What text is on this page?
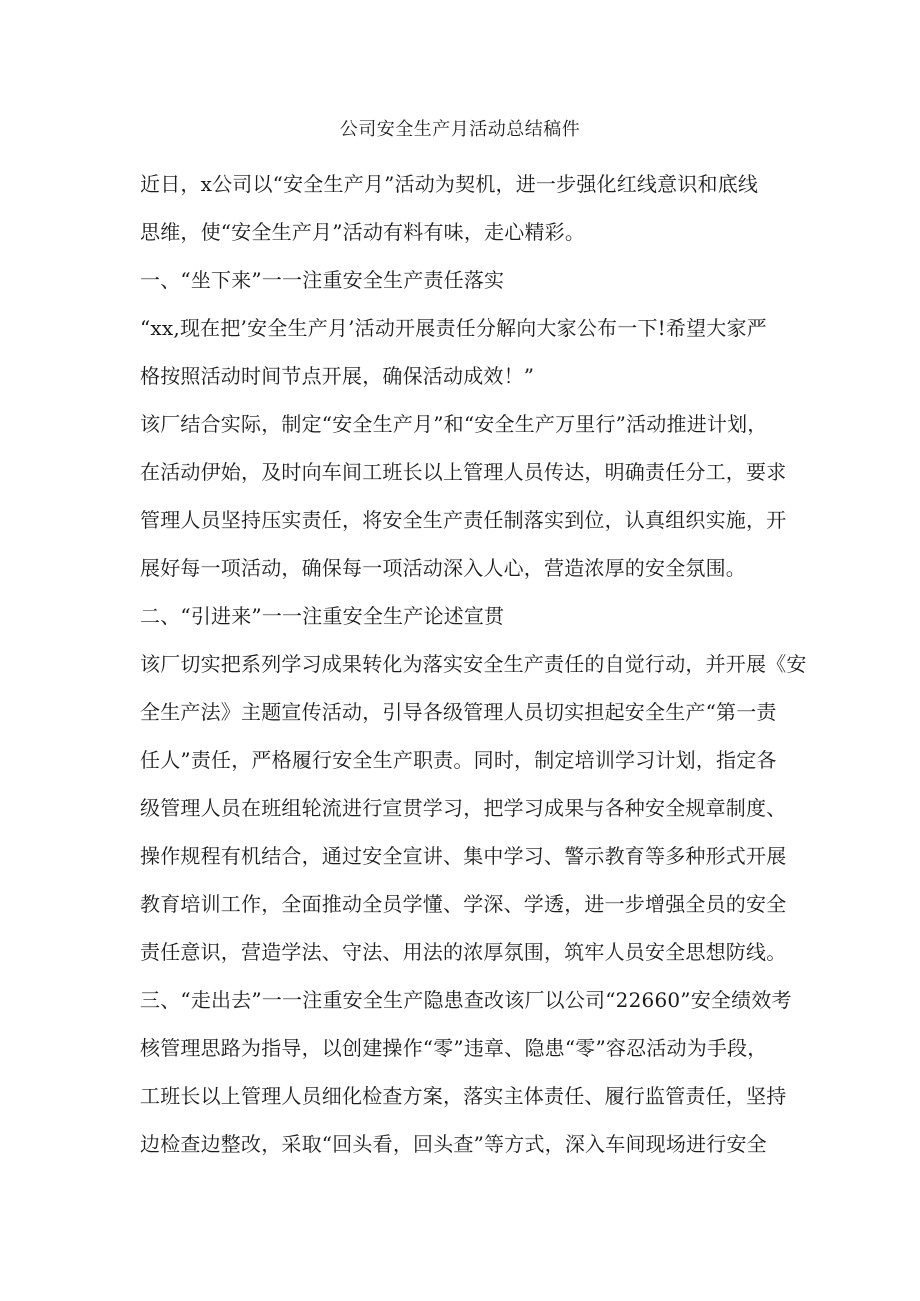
公司安全生产月活动总结稿件
近日，x公司以“安全生产月”活动为契机，进一步强化红线意识和底线
思维，使“安全生产月”活动有料有味，走心精彩。
一、“坐下来”一一注重安全生产责任落实
“xx,现在把’安全生产月’活动开展责任分解向大家公布一下!希望大家严
格按照活动时间节点开展，确保活动成效！”
该厂结合实际，制定“安全生产月”和“安全生产万里行”活动推进计划，
在活动伊始，及时向车间工班长以上管理人员传达，明确责任分工，要求
管理人员坚持压实责任，将安全生产责任制落实到位，认真组织实施，开
展好每一项活动，确保每一项活动深入人心，营造浓厚的安全氛围。
二、“引进来”一一注重安全生产论述宣贯
该厂切实把系列学习成果转化为落实安全生产责任的自觉行动，并开展《安
全生产法》主题宣传活动，引导各级管理人员切实担起安全生产“第一责
任人”责任，严格履行安全生产职责。同时，制定培训学习计划，指定各
级管理人员在班组轮流进行宣贯学习，把学习成果与各种安全规章制度、
操作规程有机结合，通过安全宣讲、集中学习、警示教育等多种形式开展
教育培训工作，全面推动全员学懂、学深、学透，进一步增强全员的安全
责任意识，营造学法、守法、用法的浓厚氛围，筑牢人员安全思想防线。
三、“走出去”一一注重安全生产隐患查改该厂以公司“22660”安全绩效考
核管理思路为指导，以创建操作“零”违章、隐患“零”容忍活动为手段，
工班长以上管理人员细化检查方案，落实主体责任、履行监管责任，坚持
边检查边整改，采取“回头看，回头查”等方式，深入车间现场进行安全
